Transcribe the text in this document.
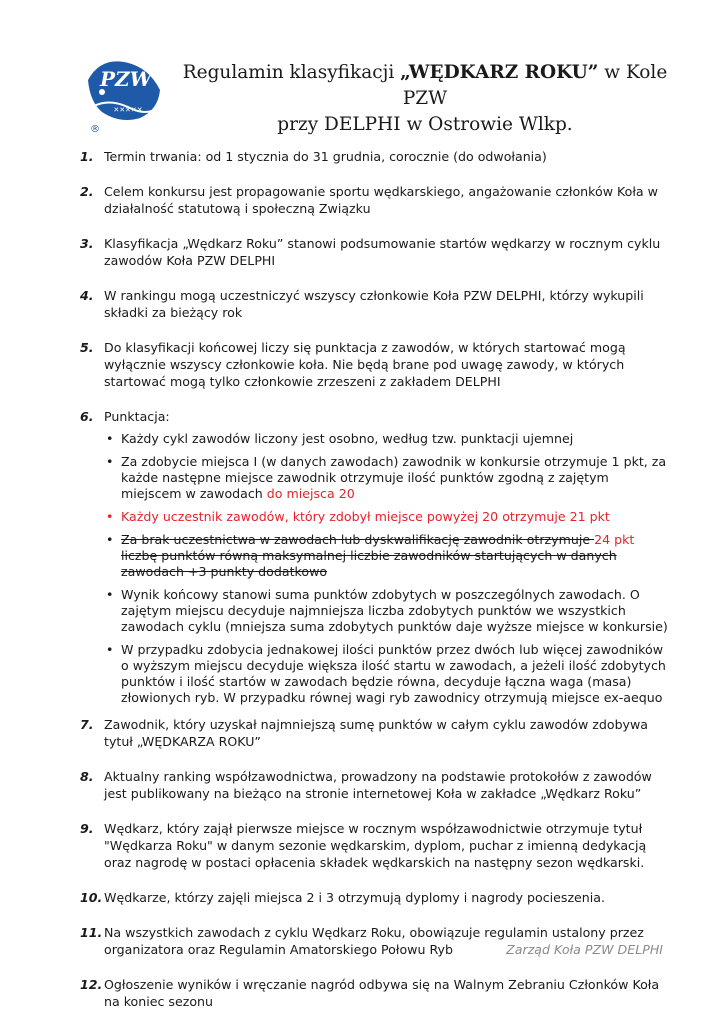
PZW
✕✕✕✕✕
®
Regulamin klasyfikacji „WĘDKARZ ROKU” w Kole PZW
przy DELPHI w Ostrowie Wlkp.
1. Termin trwania: od 1 stycznia do 31 grudnia, corocznie (do odwołania)

2. Celem konkursu jest propagowanie sportu wędkarskiego, angażowanie członków Koła w działalność statutową i społeczną Związku

3. Klasyfikacja „Wędkarz Roku” stanowi podsumowanie startów wędkarzy w rocznym cyklu zawodów Koła PZW DELPHI

4. W rankingu mogą uczestniczyć wszyscy członkowie Koła PZW DELPHI, którzy wykupili składki za bieżący rok

5. Do klasyfikacji końcowej liczy się punktacja z zawodów, w których startować mogą wyłącznie wszyscy członkowie koła. Nie będą brane pod uwagę zawody, w których startować mogą tylko członkowie zrzeszeni z zakładem DELPHI

6. Punktacja:

• Każdy cykl zawodów liczony jest osobno, według tzw. punktacji ujemnej
• Za zdobycie miejsca I (w danych zawodach) zawodnik w konkursie otrzymuje 1 pkt, za każde następne miejsce zawodnik otrzymuje ilość punktów zgodną z zajętym miejscem w zawodach do miejsca 20
• Każdy uczestnik zawodów, który zdobył miejsce powyżej 20 otrzymuje 21 pkt
• Za brak uczestnictwa w zawodach lub dyskwalifikację zawodnik otrzymuje 24 pkt liczbę punktów równą maksymalnej liczbie zawodników startujących w danych zawodach +3 punkty dodatkowo
• Wynik końcowy stanowi suma punktów zdobytych w poszczególnych zawodach. O zajętym miejscu decyduje najmniejsza liczba zdobytych punktów we wszystkich zawodach cyklu (mniejsza suma zdobytych punktów daje wyższe miejsce w konkursie)
• W przypadku zdobycia jednakowej ilości punktów przez dwóch lub więcej zawodników o wyższym miejscu decyduje większa ilość startu w zawodach, a jeżeli ilość zdobytych punktów i ilość startów w zawodach będzie równa, decyduje łączna waga (masa) złowionych ryb. W przypadku równej wagi ryb zawodnicy otrzymują miejsce ex-aequo
7. Zawodnik, który uzyskał najmniejszą sumę punktów w całym cyklu zawodów zdobywa tytuł „WĘDKARZA ROKU”

8. Aktualny ranking współzawodnictwa, prowadzony na podstawie protokołów z zawodów jest publikowany na bieżąco na stronie internetowej Koła w zakładce „Wędkarz Roku”

9. Wędkarz, który zajął pierwsze miejsce w rocznym współzawodnictwie otrzymuje tytuł "Wędkarza Roku" w danym sezonie wędkarskim, dyplom, puchar z imienną dedykacją oraz nagrodę w postaci opłacenia składek wędkarskich na następny sezon wędkarski.

10. Wędkarze, którzy zajęli miejsca 2 i 3 otrzymują dyplomy i nagrody pocieszenia.

11. Na wszystkich zawodach z cyklu Wędkarz Roku, obowiązuje regulamin ustalony przez organizatora oraz Regulamin Amatorskiego Połowu Ryb

12. Ogłoszenie wyników i wręczanie nagród odbywa się na Walnym Zebraniu Członków Koła na koniec sezonu

Zarząd Koła PZW DELPHI
